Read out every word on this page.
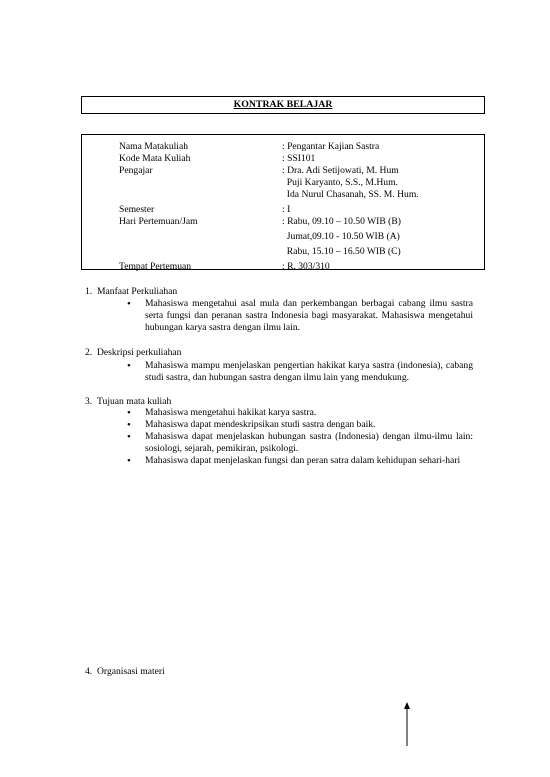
KONTRAK BELAJAR
Nama Matakuliah	: Pengantar Kajian Sastra
Kode Mata Kuliah	: SSI101
Pengajar	: Dra. Adi Setijowati, M. Hum
Puji Karyanto, S.S., M.Hum.
Ida Nurul Chasanah, SS. M. Hum.
Semester	: I
Hari Pertemuan/Jam	: Rabu, 09.10 – 10.50 WIB (B)
Jumat,09.10 - 10.50 WIB (A)
Rabu, 15.10 – 16.50 WIB (C)
Tempat Pertemuan	: R. 303/310
1. Manfaat Perkuliahan

• Mahasiswa mengetahui asal mula dan perkembangan berbagai cabang ilmu sastra serta fungsi dan peranan sastra Indonesia bagi masyarakat. Mahasiswa mengetahui hubungan karya sastra dengan ilmu lain.

2. Deskripsi perkuliahan

• Mahasiswa mampu menjelaskan pengertian hakikat karya sastra (indonesia), cabang studi sastra, dan hubungan sastra dengan ilmu lain yang mendukung.

3. Tujuan mata kuliah

• Mahasiswa mengetahui hakikat karya sastra.

• Mahasiswa dapat mendeskripsikan studi sastra dengan baik.

• Mahasiswa dapat menjelaskan hubungan sastra (Indonesia) dengan ilmu-ilmu lain: sosiologi, sejarah, pemikiran, psikologi.

• Mahasiswa dapat menjelaskan fungsi dan peran satra dalam kehidupan sehari-hari

4. Organisasi materi
